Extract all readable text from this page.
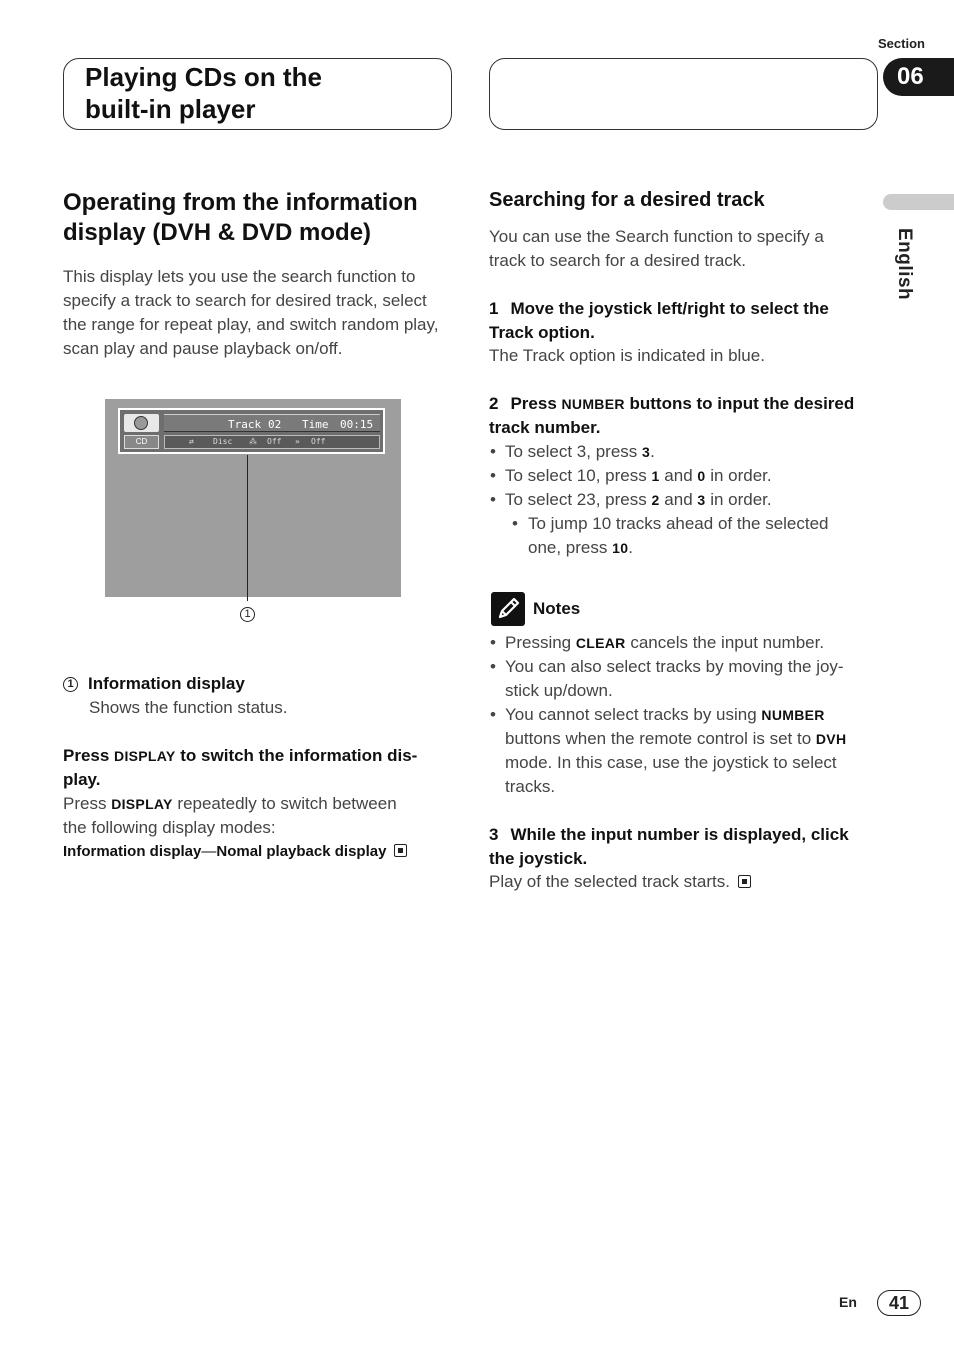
Playing CDs on the
built-in player
Section
06
English
Operating from the information
display (DVH & DVD mode)
This display lets you use the search function to specify a track to search for desired track, select the range for repeat play, and switch random play, scan play and pause playback on/off.
CD
Track 02 Time 00:15
⇄ Disc ⁂ Off » Off
1
1 Information display
Shows the function status.
Press DISPLAY to switch the information dis-
play.
Press DISPLAY repeatedly to switch between
the following display modes:
Information display—Nomal playback display
Searching for a desired track
You can use the Search function to specify a
track to search for a desired track.
1 Move the joystick left/right to select the
Track option.
The Track option is indicated in blue.
2 Press NUMBER buttons to input the desired
track number.
• To select 3, press 3.
• To select 10, press 1 and 0 in order.
• To select 23, press 2 and 3 in order.
• To jump 10 tracks ahead of the selected
one, press 10.
Notes
• Pressing CLEAR cancels the input number.
• You can also select tracks by moving the joy-
stick up/down.
• You cannot select tracks by using NUMBER
buttons when the remote control is set to DVH
mode. In this case, use the joystick to select
tracks.
3 While the input number is displayed, click
the joystick.
Play of the selected track starts.
En 41
